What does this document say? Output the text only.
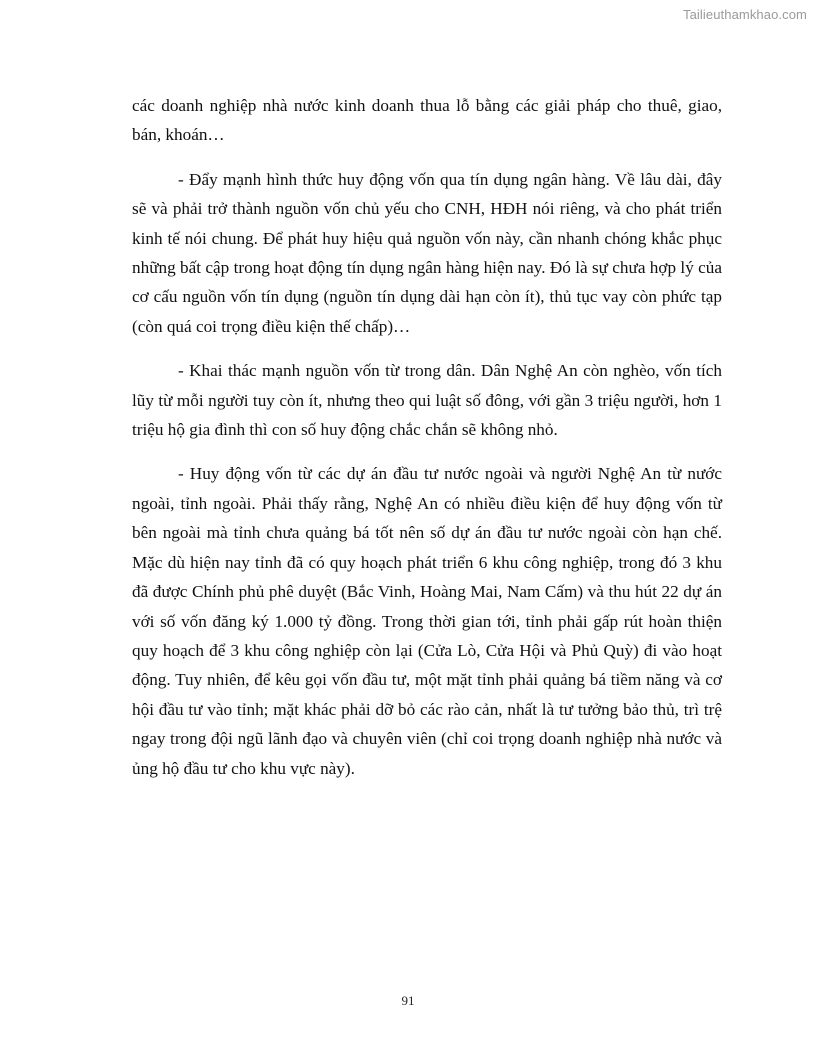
Tailieuthamkhao.com

các doanh nghiệp nhà nước kinh doanh thua lỗ bằng các giải pháp cho thuê, giao, bán, khoán…

- Đẩy mạnh hình thức huy động vốn qua tín dụng ngân hàng. Về lâu dài, đây sẽ và phải trở thành nguồn vốn chủ yếu cho CNH, HĐH nói riêng, và cho phát triển kinh tế nói chung. Để phát huy hiệu quả nguồn vốn này, cần nhanh chóng khắc phục những bất cập trong hoạt động tín dụng ngân hàng hiện nay. Đó là sự chưa hợp lý của cơ cấu nguồn vốn tín dụng (nguồn tín dụng dài hạn còn ít), thủ tục vay còn phức tạp (còn quá coi trọng điều kiện thế chấp)…

- Khai thác mạnh nguồn vốn từ trong dân. Dân Nghệ An còn nghèo, vốn tích lũy từ mỗi người tuy còn ít, nhưng theo qui luật số đông, với gần 3 triệu người, hơn 1 triệu hộ gia đình thì con số huy động chắc chắn sẽ không nhỏ.

- Huy động vốn từ các dự án đầu tư nước ngoài và người Nghệ An từ nước ngoài, tỉnh ngoài. Phải thấy rằng, Nghệ An có nhiều điều kiện để huy động vốn từ bên ngoài mà tỉnh chưa quảng bá tốt nên số dự án đầu tư nước ngoài còn hạn chế. Mặc dù hiện nay tỉnh đã có quy hoạch phát triển 6 khu công nghiệp, trong đó 3 khu đã được Chính phủ phê duyệt (Bắc Vinh, Hoàng Mai, Nam Cấm) và thu hút 22 dự án với số vốn đăng ký 1.000 tỷ đồng. Trong thời gian tới, tỉnh phải gấp rút hoàn thiện quy hoạch để 3 khu công nghiệp còn lại (Cửa Lò, Cửa Hội và Phủ Quỳ) đi vào hoạt động. Tuy nhiên, để kêu gọi vốn đầu tư, một mặt tỉnh phải quảng bá tiềm năng và cơ hội đầu tư vào tỉnh; mặt khác phải dỡ bỏ các rào cản, nhất là tư tưởng bảo thủ, trì trệ ngay trong đội ngũ lãnh đạo và chuyên viên (chỉ coi trọng doanh nghiệp nhà nước và ủng hộ đầu tư cho khu vực này).

91
